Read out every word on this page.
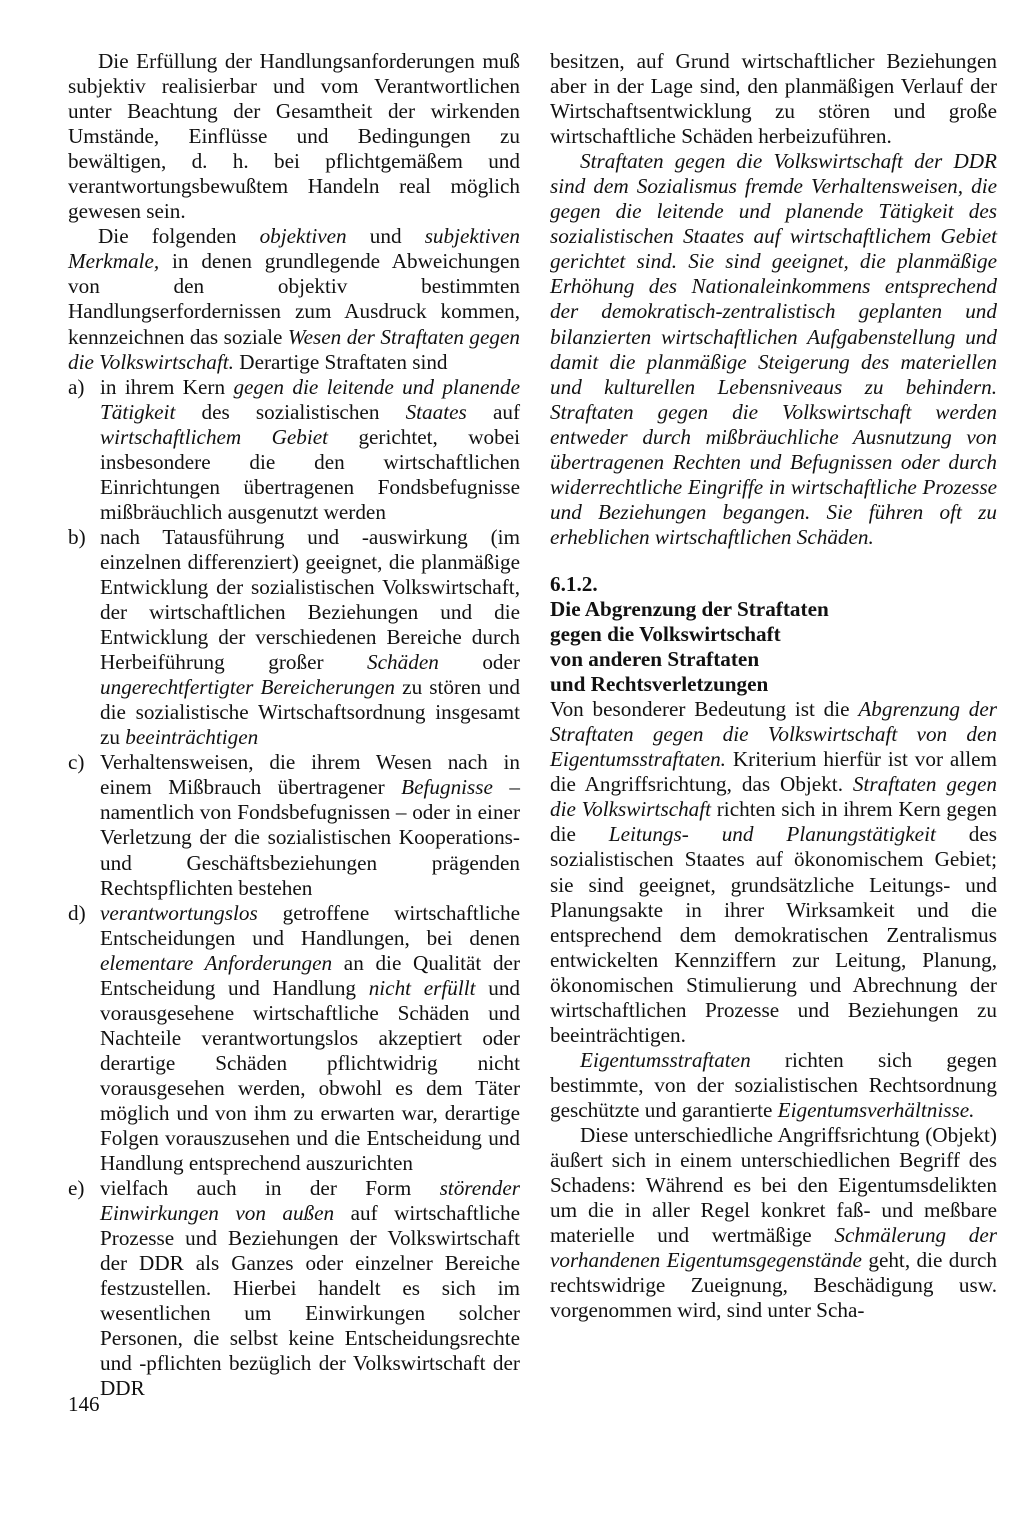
Die Erfüllung der Handlungsanforderungen muß subjektiv realisierbar und vom Verantwortlichen unter Beachtung der Gesamtheit der wirkenden Umstände, Einflüsse und Bedingungen zu bewältigen, d. h. bei pflichtgemäßem und verantwortungsbewußtem Handeln real möglich gewesen sein.

Die folgenden objektiven und subjektiven Merkmale, in denen grundlegende Abweichungen von den objektiv bestimmten Handlungserfordernissen zum Ausdruck kommen, kennzeichnen das soziale Wesen der Straftaten gegen die Volkswirtschaft. Derartige Straftaten sind

a) in ihrem Kern gegen die leitende und planende Tätigkeit des sozialistischen Staates auf wirtschaftlichem Gebiet gerichtet, wobei insbesondere die den wirtschaftlichen Einrichtungen übertragenen Fondsbefugnisse mißbräuchlich ausgenutzt werden
b) nach Tatausführung und -auswirkung (im einzelnen differenziert) geeignet, die planmäßige Entwicklung der sozialistischen Volkswirtschaft, der wirtschaftlichen Beziehungen und die Entwicklung der verschiedenen Bereiche durch Herbeiführung großer Schäden oder ungerechtfertigter Bereicherungen zu stören und die sozialistische Wirtschaftsordnung insgesamt zu beeinträchtigen
c) Verhaltensweisen, die ihrem Wesen nach in einem Mißbrauch übertragener Befugnisse – namentlich von Fondsbefugnissen – oder in einer Verletzung der die sozialistischen Kooperations- und Geschäftsbeziehungen prägenden Rechtspflichten bestehen
d) verantwortungslos getroffene wirtschaftliche Entscheidungen und Handlungen, bei denen elementare Anforderungen an die Qualität der Entscheidung und Handlung nicht erfüllt und vorausgesehene wirtschaftliche Schäden und Nachteile verantwortungslos akzeptiert oder derartige Schäden pflichtwidrig nicht vorausgesehen werden, obwohl es dem Täter möglich und von ihm zu erwarten war, derartige Folgen vorauszusehen und die Entscheidung und Handlung entsprechend auszurichten
e) vielfach auch in der Form störender Einwirkungen von außen auf wirtschaftliche Prozesse und Beziehungen der Volkswirtschaft der DDR als Ganzes oder einzelner Bereiche festzustellen. Hierbei handelt es sich im wesentlichen um Einwirkungen solcher Personen, die selbst keine Entscheidungsrechte und -pflichten bezüglich der Volkswirtschaft der DDR

besitzen, auf Grund wirtschaftlicher Beziehungen aber in der Lage sind, den planmäßigen Verlauf der Wirtschaftsentwicklung zu stören und große wirtschaftliche Schäden herbeizuführen.

Straftaten gegen die Volkswirtschaft der DDR sind dem Sozialismus fremde Verhaltensweisen, die gegen die leitende und planende Tätigkeit des sozialistischen Staates auf wirtschaftlichem Gebiet gerichtet sind. Sie sind geeignet, die planmäßige Erhöhung des Nationaleinkommens entsprechend der demokratisch-zentralistisch geplanten und bilanzierten wirtschaftlichen Aufgabenstellung und damit die planmäßige Steigerung des materiellen und kulturellen Lebensniveaus zu behindern. Straftaten gegen die Volkswirtschaft werden entweder durch mißbräuchliche Ausnutzung von übertragenen Rechten und Befugnissen oder durch widerrechtliche Eingriffe in wirtschaftliche Prozesse und Beziehungen begangen. Sie führen oft zu erheblichen wirtschaftlichen Schäden.

6.1.2.
Die Abgrenzung der Straftaten
gegen die Volkswirtschaft
von anderen Straftaten
und Rechtsverletzungen

Von besonderer Bedeutung ist die Abgrenzung der Straftaten gegen die Volkswirtschaft von den Eigentumsstraftaten. Kriterium hierfür ist vor allem die Angriffsrichtung, das Objekt. Straftaten gegen die Volkswirtschaft richten sich in ihrem Kern gegen die Leitungs- und Planungstätigkeit des sozialistischen Staates auf ökonomischem Gebiet; sie sind geeignet, grundsätzliche Leitungs- und Planungsakte in ihrer Wirksamkeit und die entsprechend dem demokratischen Zentralismus entwickelten Kennziffern zur Leitung, Planung, ökonomischen Stimulierung und Abrechnung der wirtschaftlichen Prozesse und Beziehungen zu beeinträchtigen.

Eigentumsstraftaten richten sich gegen bestimmte, von der sozialistischen Rechtsordnung geschützte und garantierte Eigentumsverhältnisse.

Diese unterschiedliche Angriffsrichtung (Objekt) äußert sich in einem unterschiedlichen Begriff des Schadens: Während es bei den Eigentumsdelikten um die in aller Regel konkret faß- und meßbare materielle und wertmäßige Schmälerung der vorhandenen Eigentumsgegenstände geht, die durch rechtswidrige Zueignung, Beschädigung usw. vorgenommen wird, sind unter Scha-

146
